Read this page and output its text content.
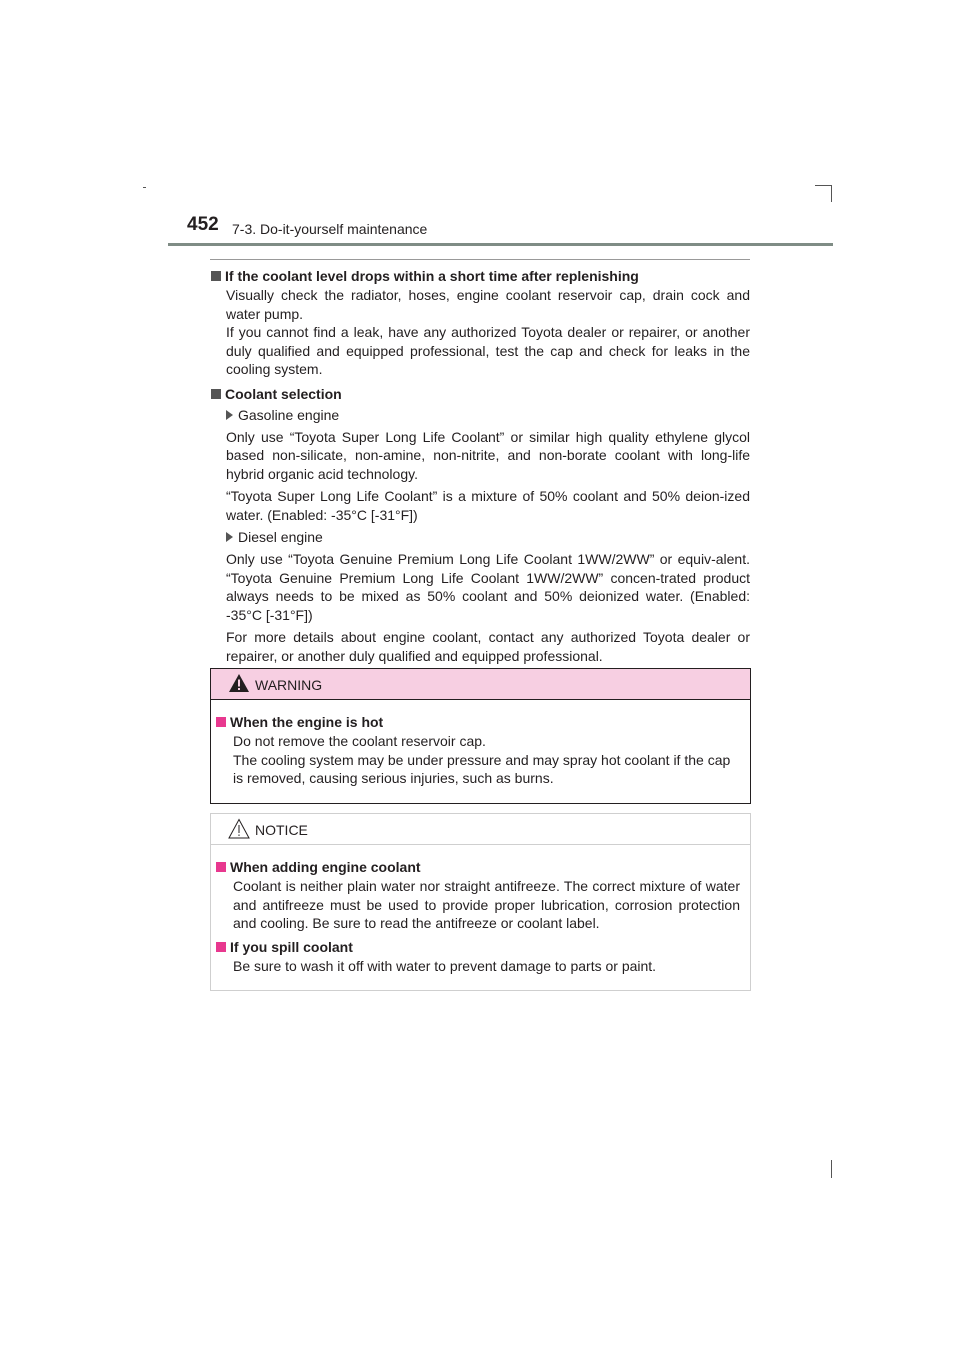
452 7-3. Do-it-yourself maintenance
If the coolant level drops within a short time after replenishing
Visually check the radiator, hoses, engine coolant reservoir cap, drain cock and water pump.
If you cannot find a leak, have any authorized Toyota dealer or repairer, or another duly qualified and equipped professional, test the cap and check for leaks in the cooling system.
Coolant selection
Gasoline engine
Only use “Toyota Super Long Life Coolant” or similar high quality ethylene glycol based non-silicate, non-amine, non-nitrite, and non-borate coolant with long-life hybrid organic acid technology.
“Toyota Super Long Life Coolant” is a mixture of 50% coolant and 50% deion-ized water. (Enabled: -35°C [-31°F])
Diesel engine
Only use “Toyota Genuine Premium Long Life Coolant 1WW/2WW” or equiv-alent. “Toyota Genuine Premium Long Life Coolant 1WW/2WW” concen-trated product always needs to be mixed as 50% coolant and 50% deionized water. (Enabled: -35°C [-31°F])
For more details about engine coolant, contact any authorized Toyota dealer or repairer, or another duly qualified and equipped professional.
WARNING
When the engine is hot
Do not remove the coolant reservoir cap.
The cooling system may be under pressure and may spray hot coolant if the cap is removed, causing serious injuries, such as burns.
NOTICE
When adding engine coolant
Coolant is neither plain water nor straight antifreeze. The correct mixture of water and antifreeze must be used to provide proper lubrication, corrosion protection and cooling. Be sure to read the antifreeze or coolant label.
If you spill coolant
Be sure to wash it off with water to prevent damage to parts or paint.
